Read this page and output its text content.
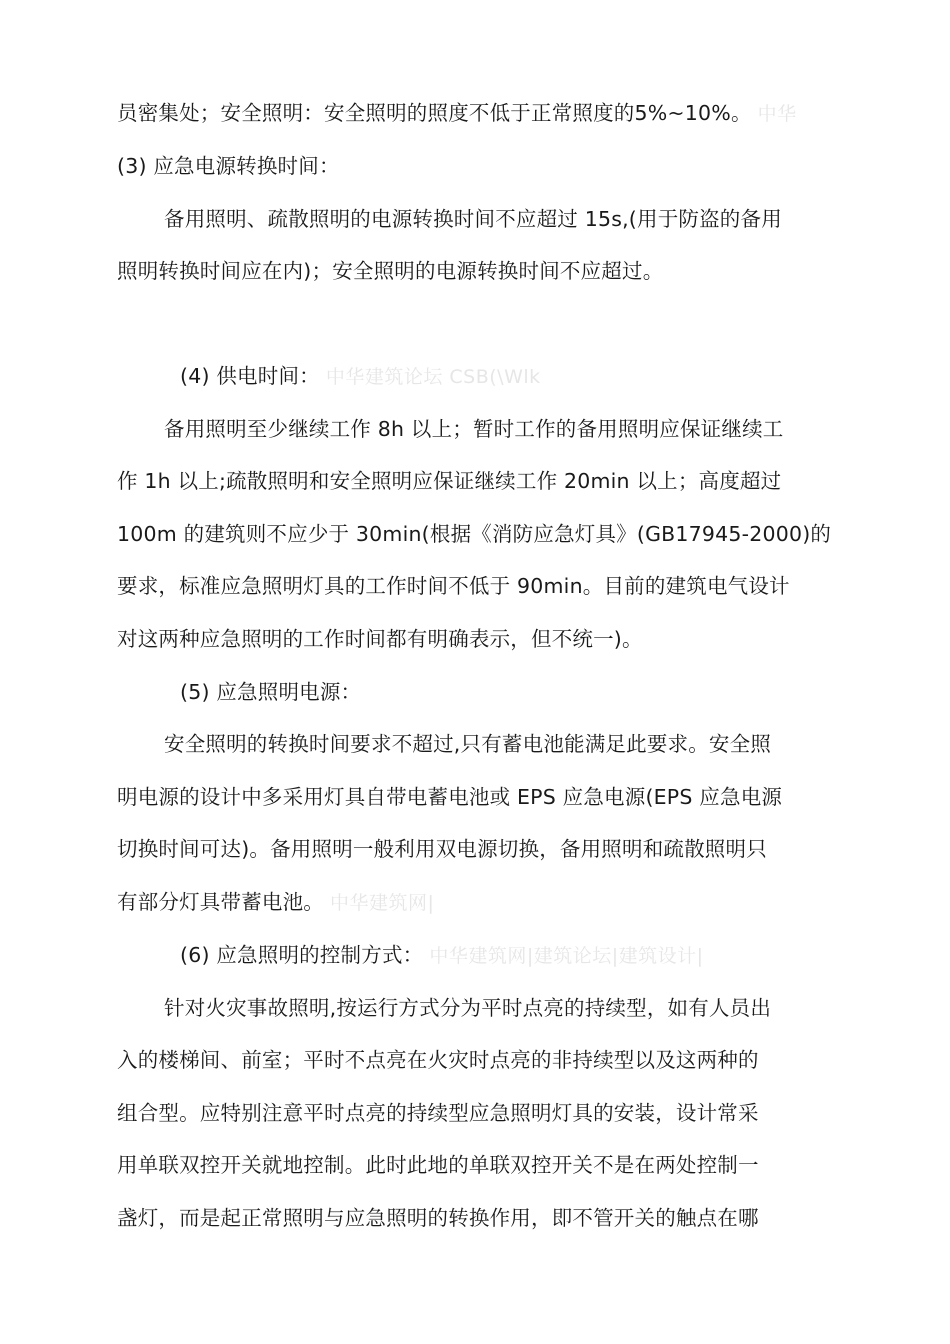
员密集处；安全照明：安全照明的照度不低于正常照度的5%~10%。 中华
(3) 应急电源转换时间：
备用照明、疏散照明的电源转换时间不应超过 15s,(用于防盗的备用
照明转换时间应在内)；安全照明的电源转换时间不应超过。
(4) 供电时间： 中华建筑论坛 CSB(\Wlk
备用照明至少继续工作 8h 以上；暂时工作的备用照明应保证继续工
作 1h 以上;疏散照明和安全照明应保证继续工作 20min 以上；高度超过
100m 的建筑则不应少于 30min(根据《消防应急灯具》(GB17945-2000)的
要求，标准应急照明灯具的工作时间不低于 90min。目前的建筑电气设计
对这两种应急照明的工作时间都有明确表示，但不统一)。
(5) 应急照明电源：
安全照明的转换时间要求不超过,只有蓄电池能满足此要求。安全照
明电源的设计中多采用灯具自带电蓄电池或 EPS 应急电源(EPS 应急电源
切换时间可达)。备用照明一般利用双电源切换，备用照明和疏散照明只
有部分灯具带蓄电池。 中华建筑网|
(6) 应急照明的控制方式： 中华建筑网|建筑论坛|建筑设计|
针对火灾事故照明,按运行方式分为平时点亮的持续型，如有人员出
入的楼梯间、前室；平时不点亮在火灾时点亮的非持续型以及这两种的
组合型。应特别注意平时点亮的持续型应急照明灯具的安装，设计常采
用单联双控开关就地控制。此时此地的单联双控开关不是在两处控制一
盏灯，而是起正常照明与应急照明的转换作用，即不管开关的触点在哪
